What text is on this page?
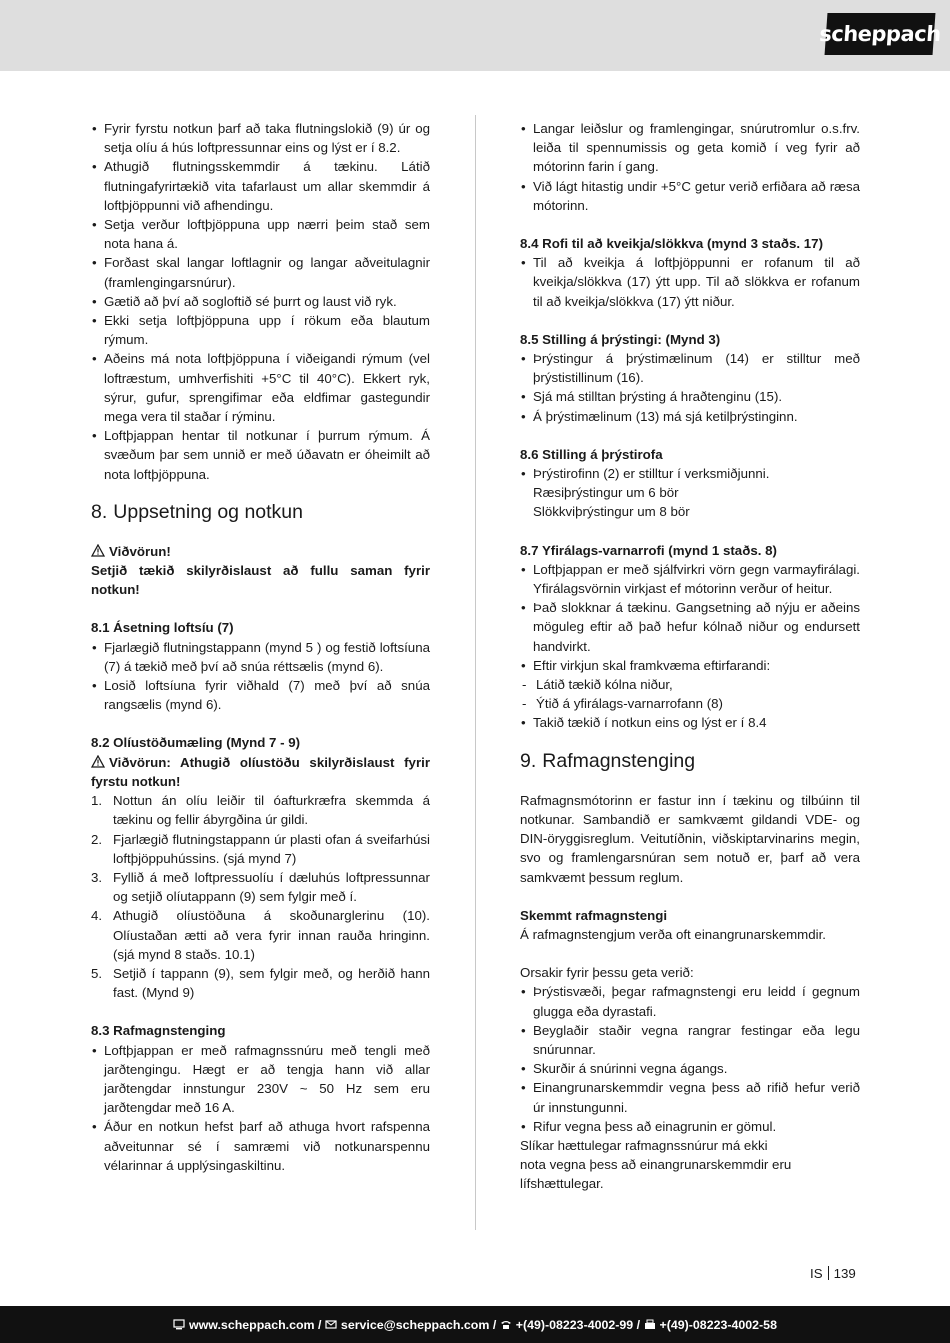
scheppach
• Fyrir fyrstu notkun þarf að taka flutningslokið (9) úr og setja olíu á hús loftpressunnar eins og lýst er í 8.2.
• Athugið flutningsskemmdir á tækinu. Látið flutningafyrirtækið vita tafarlaust um allar skemmdir á loftþjöppunni við afhendingu.
• Setja verður loftþjöppuna upp nærri þeim stað sem nota hana á.
• Forðast skal langar loftlagnir og langar aðveitulagnir (framlengingarsnúrur).
• Gætið að því að sogloftið sé þurrt og laust við ryk.
• Ekki setja loftþjöppuna upp í rökum eða blautum rýmum.
• Aðeins má nota loftþjöppuna í viðeigandi rýmum (vel loftræstum, umhverfishiti +5°C til 40°C). Ekkert ryk, sýrur, gufur, sprengifimar eða eldfimar gastegundir mega vera til staðar í rýminu.
• Loftþjappan hentar til notkunar í þurrum rýmum. Á svæðum þar sem unnið er með úðavatn er óheimilt að nota loftþjöppuna.
8. Uppsetning og notkun
Viðvörun!

Setjið tækið skilyrðislaust að fullu saman fyrir notkun!

8.1 Ásetning loftsíu (7)
• Fjarlægið flutningstappann (mynd 5 ) og festið loftsíuna (7) á tækið með því að snúa réttsælis (mynd 6).
• Losið loftsíuna fyrir viðhald (7) með því að snúa rangsælis (mynd 6).
8.2 Olíustöðumæling (Mynd 7 - 9)

Viðvörun: Athugið olíustöðu skilyrðislaust fyrir fyrstu notkun!

1. Nottun án olíu leiðir til óafturkræfra skemmda á tækinu og fellir ábyrgðina úr gildi.
2. Fjarlægið flutningstappann úr plasti ofan á sveifarhúsi loftþjöppuhússins. (sjá mynd 7)
3. Fyllið á með loftpressuolíu í dæluhús loftpressunnar og setjið olíutappann (9) sem fylgir með í.
4. Athugið olíustöðuna á skoðunarglerinu (10). Olíustaðan ætti að vera fyrir innan rauða hringinn. (sjá mynd 8 staðs. 10.1)
5. Setjið í tappann (9), sem fylgir með, og herðið hann fast. (Mynd 9)
8.3 Rafmagnstenging
• Loftþjappan er með rafmagnssnúru með tengli með jarðtengingu. Hægt er að tengja hann við allar jarðtengdar innstungur 230V ~ 50 Hz sem eru jarðtengdar með 16 A.
• Áður en notkun hefst þarf að athuga hvort rafspenna aðveitunnar sé í samræmi við notkunarspennu vélarinnar á upplýsingaskiltinu.
• Langar leiðslur og framlengingar, snúrutromlur o.s.frv. leiða til spennumissis og geta komið í veg fyrir að mótorinn farin í gang.
• Við lágt hitastig undir +5°C getur verið erfiðara að ræsa mótorinn.
8.4 Rofi til að kveikja/slökkva (mynd 3 staðs. 17)
• Til að kveikja á loftþjöppunni er rofanum til að kveikja/slökkva (17) ýtt upp. Til að slökkva er rofanum til að kveikja/slökkva (17) ýtt niður.
8.5 Stilling á þrýstingi: (Mynd 3)
• Þrýstingur á þrýstimælinum (14) er stilltur með þrýstistillinum (16).
• Sjá má stilltan þrýsting á hraðtenginu (15).
• Á þrýstimælinum (13) má sjá ketilþrýstinginn.
8.6 Stilling á þrýstirofa
• Þrýstirofinn (2) er stilltur í verksmiðjunni.
Ræsiþrýstingur um 6 bör
Slökkviþrýstingur um 8 bör
8.7 Yfirálags-varnarrofi (mynd 1 staðs. 8)
• Loftþjappan er með sjálfvirkri vörn gegn varmayfirálagi. Yfirálagsvörnin virkjast ef mótorinn verður of heitur.
• Það slokknar á tækinu. Gangsetning að nýju er aðeins möguleg eftir að það hefur kólnað niður og endursett handvirkt.
• Eftir virkjun skal framkvæma eftirfarandi:
- Látið tækið kólna niður,
- Ýtið á yfirálags-varnarrofann (8)
• Takið tækið í notkun eins og lýst er í 8.4
9. Rafmagnstenging

Rafmagnsmótorinn er fastur inn í tækinu og tilbúinn til notkunar. Sambandið er samkvæmt gildandi VDE- og DIN-öryggisreglum. Veitutíðnin, viðskiptarvinarins megin, svo og framlengarsnúran sem notuð er, þarf að vera samkvæmt þessum reglum.

Skemmt rafmagnstengi

Á rafmagnstengjum verða oft einangrunarskemmdir.

Orsakir fyrir þessu geta verið:

• Þrýstisvæði, þegar rafmagnstengi eru leidd í gegnum glugga eða dyrastafi.
• Beyglaðir staðir vegna rangrar festingar eða legu snúrunnar.
• Skurðir á snúrinni vegna ágangs.
• Einangrunarskemmdir vegna þess að rifið hefur verið úr innstungunni.
• Rifur vegna þess að einagrunin er gömul.

Slíkar hættulegar rafmagnssnúrur má ekki

nota vegna þess að einangrunarskemmdir eru

lífshættulegar.

IS 139
www.scheppach.com /
	service@scheppach.com /
	+(49)-08223-4002-99 /
	+(49)-08223-4002-58
